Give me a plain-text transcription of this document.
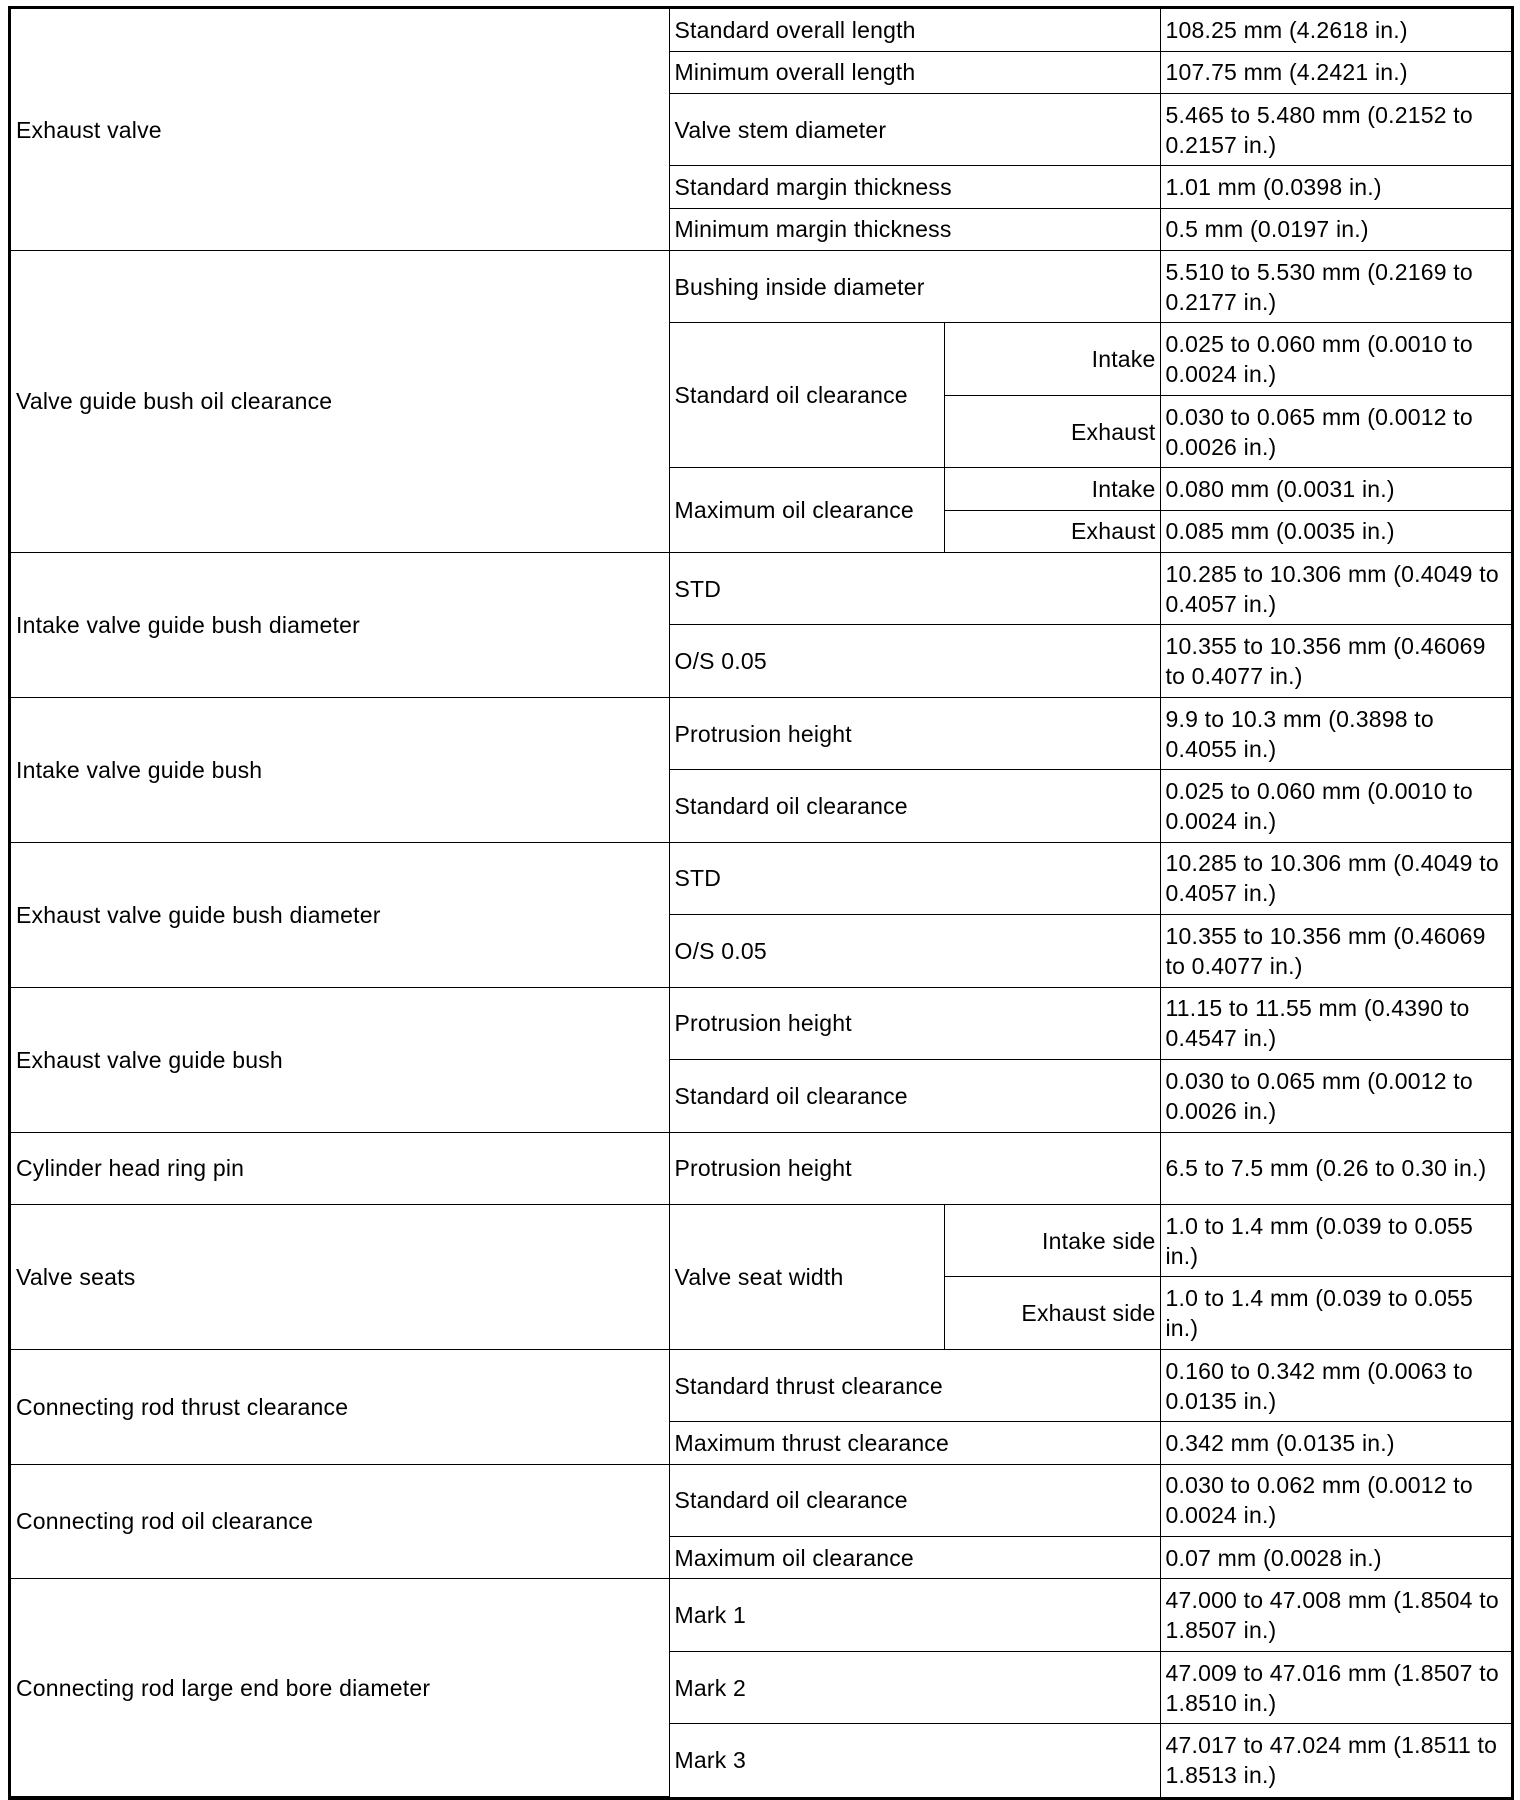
Exhaust valve	Standard overall length		108.25 mm (4.2618 in.)
	Minimum overall length		107.75 mm (4.2421 in.)
	Valve stem diameter		5.465 to 5.480 mm (0.2152 to 0.2157 in.)
	Standard margin thickness		1.01 mm (0.0398 in.)
	Minimum margin thickness		0.5 mm (0.0197 in.)
Valve guide bush oil clearance	Bushing inside diameter		5.510 to 5.530 mm (0.2169 to 0.2177 in.)
	Standard oil clearance	Intake	0.025 to 0.060 mm (0.0010 to 0.0024 in.)
		Exhaust	0.030 to 0.065 mm (0.0012 to 0.0026 in.)
	Maximum oil clearance	Intake	0.080 mm (0.0031 in.)
		Exhaust	0.085 mm (0.0035 in.)
Intake valve guide bush diameter	STD		10.285 to 10.306 mm (0.4049 to 0.4057 in.)
	O/S 0.05		10.355 to 10.356 mm (0.46069 to 0.4077 in.)
Intake valve guide bush	Protrusion height		9.9 to 10.3 mm (0.3898 to 0.4055 in.)
	Standard oil clearance		0.025 to 0.060 mm (0.0010 to 0.0024 in.)
Exhaust valve guide bush diameter	STD		10.285 to 10.306 mm (0.4049 to 0.4057 in.)
	O/S 0.05		10.355 to 10.356 mm (0.46069 to 0.4077 in.)
Exhaust valve guide bush	Protrusion height		11.15 to 11.55 mm (0.4390 to 0.4547 in.)
	Standard oil clearance		0.030 to 0.065 mm (0.0012 to 0.0026 in.)
Cylinder head ring pin	Protrusion height		6.5 to 7.5 mm (0.26 to 0.30 in.)
Valve seats	Valve seat width	Intake side	1.0 to 1.4 mm (0.039 to 0.055 in.)
		Exhaust side	1.0 to 1.4 mm (0.039 to 0.055 in.)
Connecting rod thrust clearance	Standard thrust clearance		0.160 to 0.342 mm (0.0063 to 0.0135 in.)
	Maximum thrust clearance		0.342 mm (0.0135 in.)
Connecting rod oil clearance	Standard oil clearance		0.030 to 0.062 mm (0.0012 to 0.0024 in.)
	Maximum oil clearance		0.07 mm (0.0028 in.)
Connecting rod large end bore diameter	Mark 1		47.000 to 47.008 mm (1.8504 to 1.8507 in.)
	Mark 2		47.009 to 47.016 mm (1.8507 to 1.8510 in.)
	Mark 3		47.017 to 47.024 mm (1.8511 to 1.8513 in.)
